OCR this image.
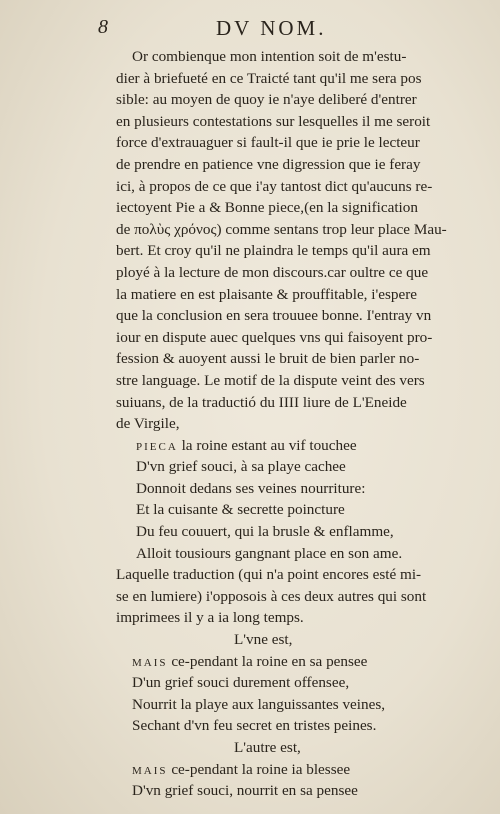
8	DV NOM.
Or combienque mon intention soit de m'estu-
dier à briefueté en ce Traicté tant qu'il me sera pos
sible: au moyen de quoy ie n'aye deliberé d'entrer
en plusieurs contestations sur lesquelles il me seroit
force d'extrauaguer si fault-il que ie prie le lecteur
de prendre en patience vne digression que ie feray
ici, à propos de ce que i'ay tantost dict qu'aucuns re-
iectoyent Pie a & Bonne piece,(en la signification
de πολὺς χρόνος) comme sentans trop leur place Mau-
bert. Et croy qu'il ne plaindra le temps qu'il aura em
ployé à la lecture de mon discours.car oultre ce que
la matiere en est plaisante & prouffitable, i'espere
que la conclusion en sera trouuee bonne. I'entray vn
iour en dispute auec quelques vns qui faisoyent pro-
fession & auoyent aussi le bruit de bien parler no-
stre language. Le motif de la dispute veint des vers
suiuans, de la traductió du IIII liure de L'Eneide
de Virgile,
PIECA la roine estant au vif touchee
D'vn grief souci, à sa playe cachee
Donnoit dedans ses veines nourriture:
Et la cuisante & secrette poincture
Du feu couuert, qui la brusle & enflamme,
Alloit tousiours gangnant place en son ame.
Laquelle traduction (qui n'a point encores esté mi-
se en lumiere) i'opposois à ces deux autres qui sont
imprimees il y a ia long temps.
L'vne est,
MAIS ce-pendant la roine en sa pensee
D'un grief souci durement offensee,
Nourrit la playe aux languissantes veines,
Sechant d'vn feu secret en tristes peines.
L'autre est,
MAIS ce-pendant la roine ia blessee
D'vn grief souci, nourrit en sa pensee
